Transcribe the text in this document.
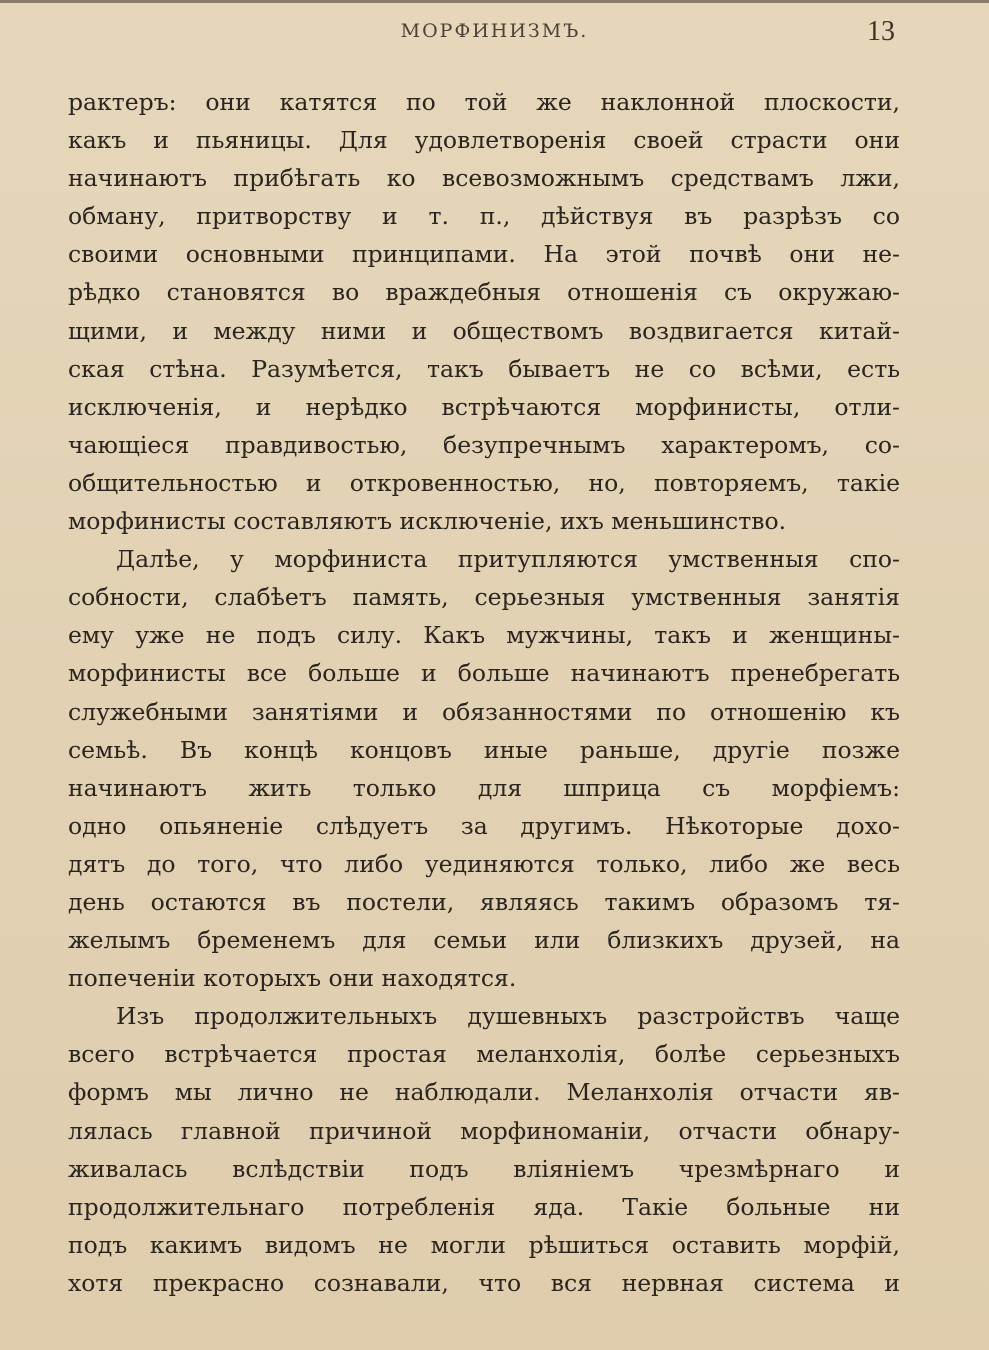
МОРФИНИЗМЪ.	13
рактеръ: они катятся по той же наклонной плоскости,
какъ и пьяницы. Для удовлетворенія своей страсти они
начинаютъ прибѣгать ко всевозможнымъ средствамъ лжи,
обману, притворству и т. п., дѣйствуя въ разрѣзъ со
своими основными принципами. На этой почвѣ они не-
рѣдко становятся во враждебныя отношенія съ окружаю-
щими, и между ними и обществомъ воздвигается китай-
ская стѣна. Разумѣется, такъ бываетъ не со всѣми, есть
исключенія, и нерѣдко встрѣчаются морфинисты, отли-
чающіеся правдивостью, безупречнымъ характеромъ, со-
общительностью и откровенностью, но, повторяемъ, такіе
морфинисты составляютъ исключеніе, ихъ меньшинство.
Далѣе, у морфиниста притупляются умственныя спо-
собности, слабѣетъ память, серьезныя умственныя занятія
ему уже не подъ силу. Какъ мужчины, такъ и женщины-
морфинисты все больше и больше начинаютъ пренебрегать
служебными занятіями и обязанностями по отношенію къ
семьѣ. Въ концѣ концовъ иные раньше, другіе позже
начинаютъ жить только для шприца съ морфіемъ:
одно опьяненіе слѣдуетъ за другимъ. Нѣкоторые дохо-
дятъ до того, что либо уединяются только, либо же весь
день остаются въ постели, являясь такимъ образомъ тя-
желымъ бременемъ для семьи или близкихъ друзей, на
попеченіи которыхъ они находятся.
Изъ продолжительныхъ душевныхъ разстройствъ чаще
всего встрѣчается простая меланхолія, болѣе серьезныхъ
формъ мы лично не наблюдали. Меланхолія отчасти яв-
лялась главной причиной морфиноманіи, отчасти обнару-
живалась вслѣдствіи подъ вліяніемъ чрезмѣрнаго и
продолжительнаго потребленія яда. Такіе больные ни
подъ какимъ видомъ не могли рѣшиться оставить морфій,
хотя прекрасно сознавали, что вся нервная система и
